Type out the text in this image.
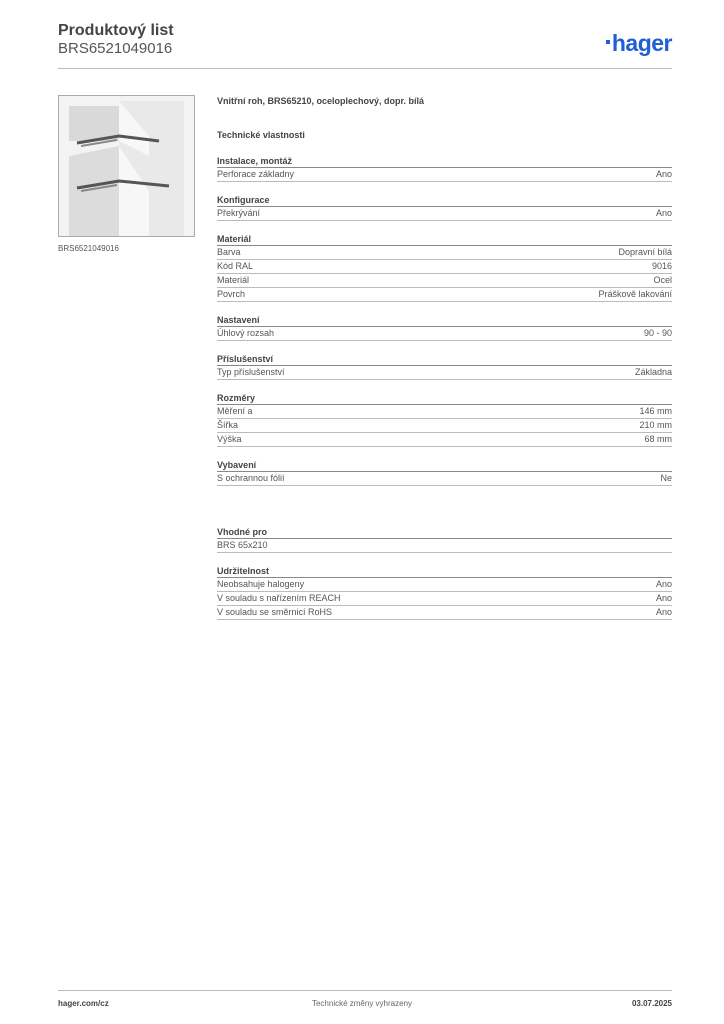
Produktový list
BRS6521049016	hager
BRS6521049016
Vnitřní roh, BRS65210, oceloplechový, dopr. bílá
Technické vlastnosti
Instalace, montáž
Perforace základny	Ano
Konfigurace
Překrývání	Ano
Materiál
Barva	Dopravní bílá
Kód RAL	9016
Materiál	Ocel
Povrch	Práškově lakování
Nastavení
Úhlový rozsah	90 - 90
Příslušenství
Typ příslušenství	Základna
Rozměry
Měření a	146 mm
Šířka	210 mm
Výška	68 mm
Vybavení
S ochrannou fólií	Ne
Vhodné pro
BRS 65x210
Udržitelnost
Neobsahuje halogeny	Ano
V souladu s nařízením REACH	Ano
V souladu se směrnicí RoHS	Ano
hager.com/cz	Technické změny vyhrazeny	03.07.2025
